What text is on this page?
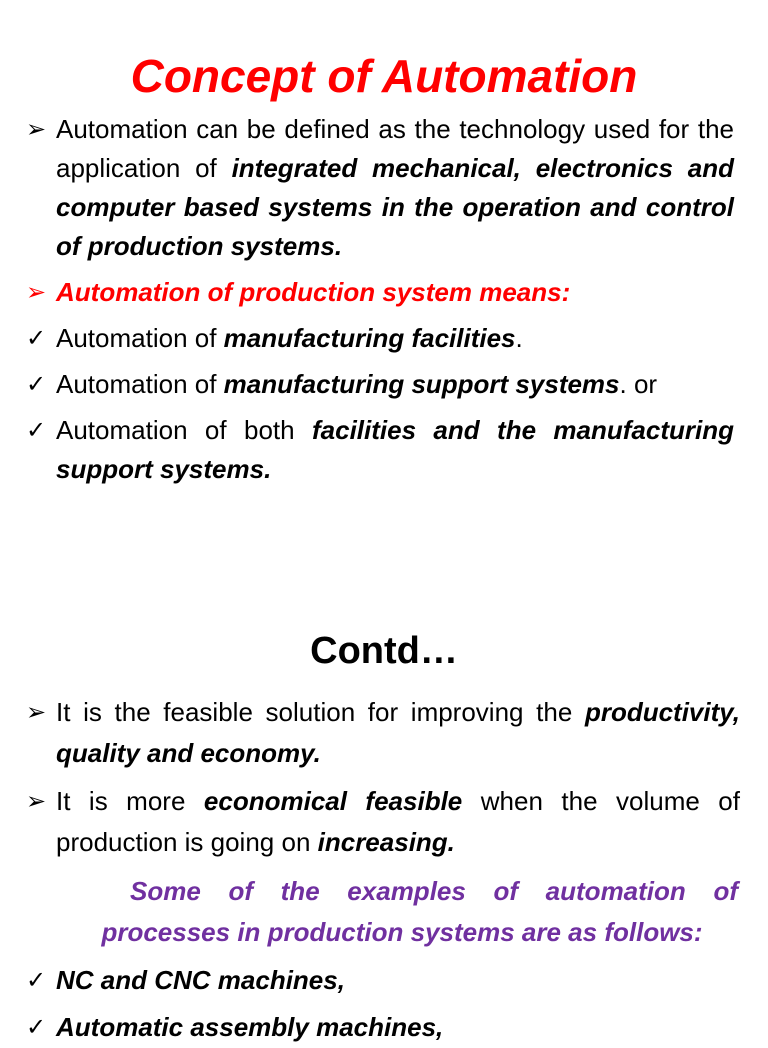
Concept of Automation
➢ Automation can be defined as the technology used for the application of integrated mechanical, electronics and computer based systems in the operation and control of production systems.
➢ Automation of production system means:
✓ Automation of manufacturing facilities.
✓ Automation of manufacturing support systems. or
✓ Automation of both facilities and the manufacturing support systems.
Contd…
➢ It is the feasible solution for improving the productivity, quality and economy.
➢ It is more economical feasible when the volume of production is going on increasing.
Some of the examples of automation of processes in production systems are as follows:
✓ NC and CNC machines,
✓ Automatic assembly machines,
